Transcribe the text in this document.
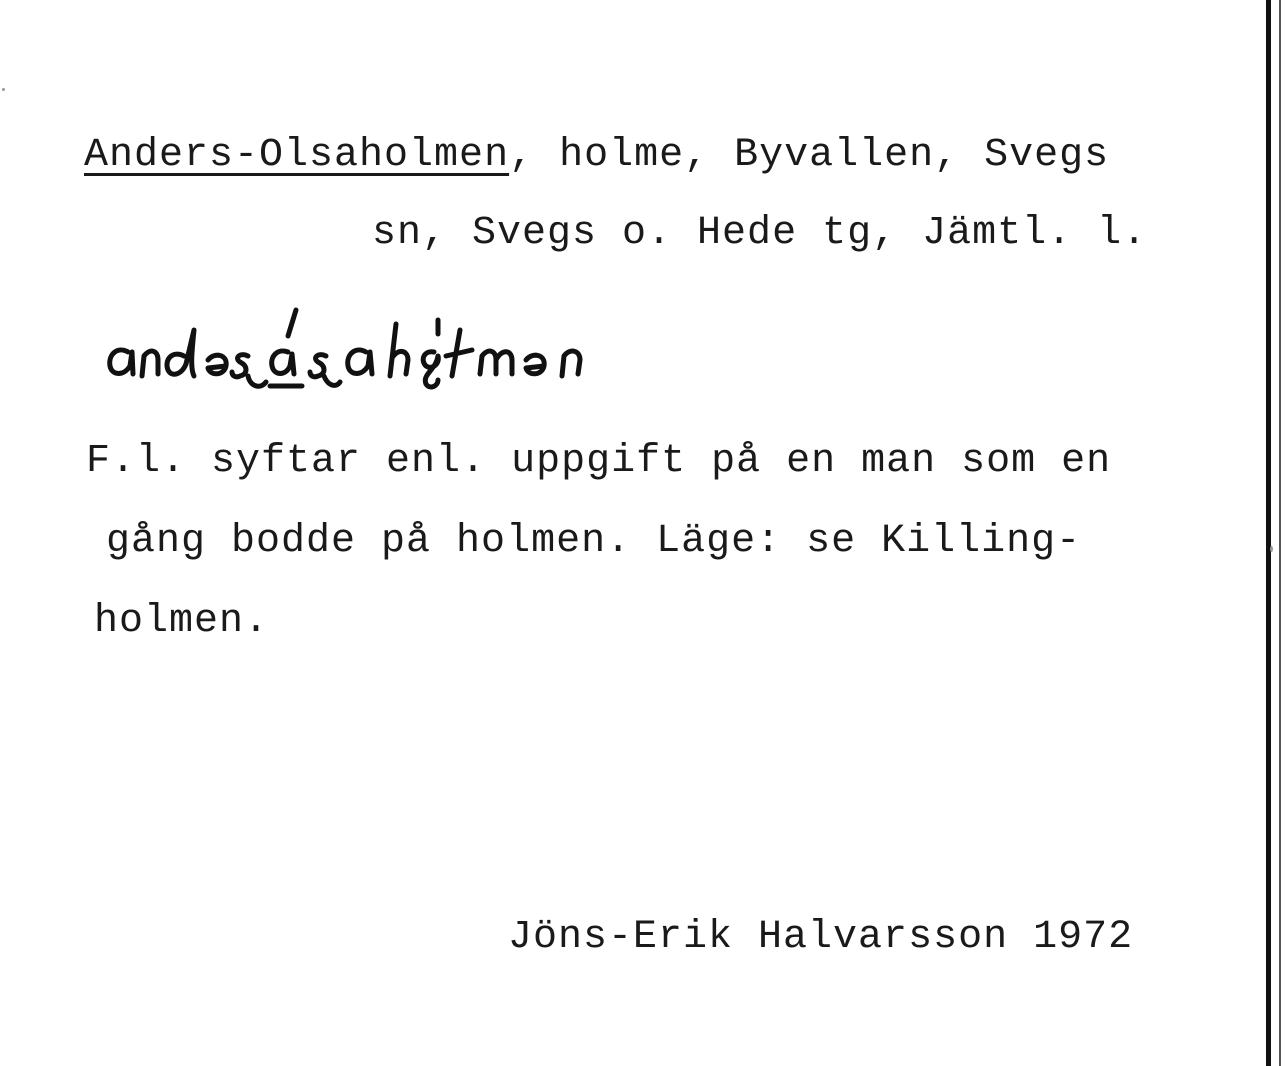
Anders-Olsaholmen, holme, Byvallen, Svegs
sn, Svegs o. Hede tg, Jämtl. l.
F.l. syftar enl. uppgift på en man som en
gång bodde på holmen. Läge: se Killing-
holmen.
Jöns-Erik Halvarsson 1972
